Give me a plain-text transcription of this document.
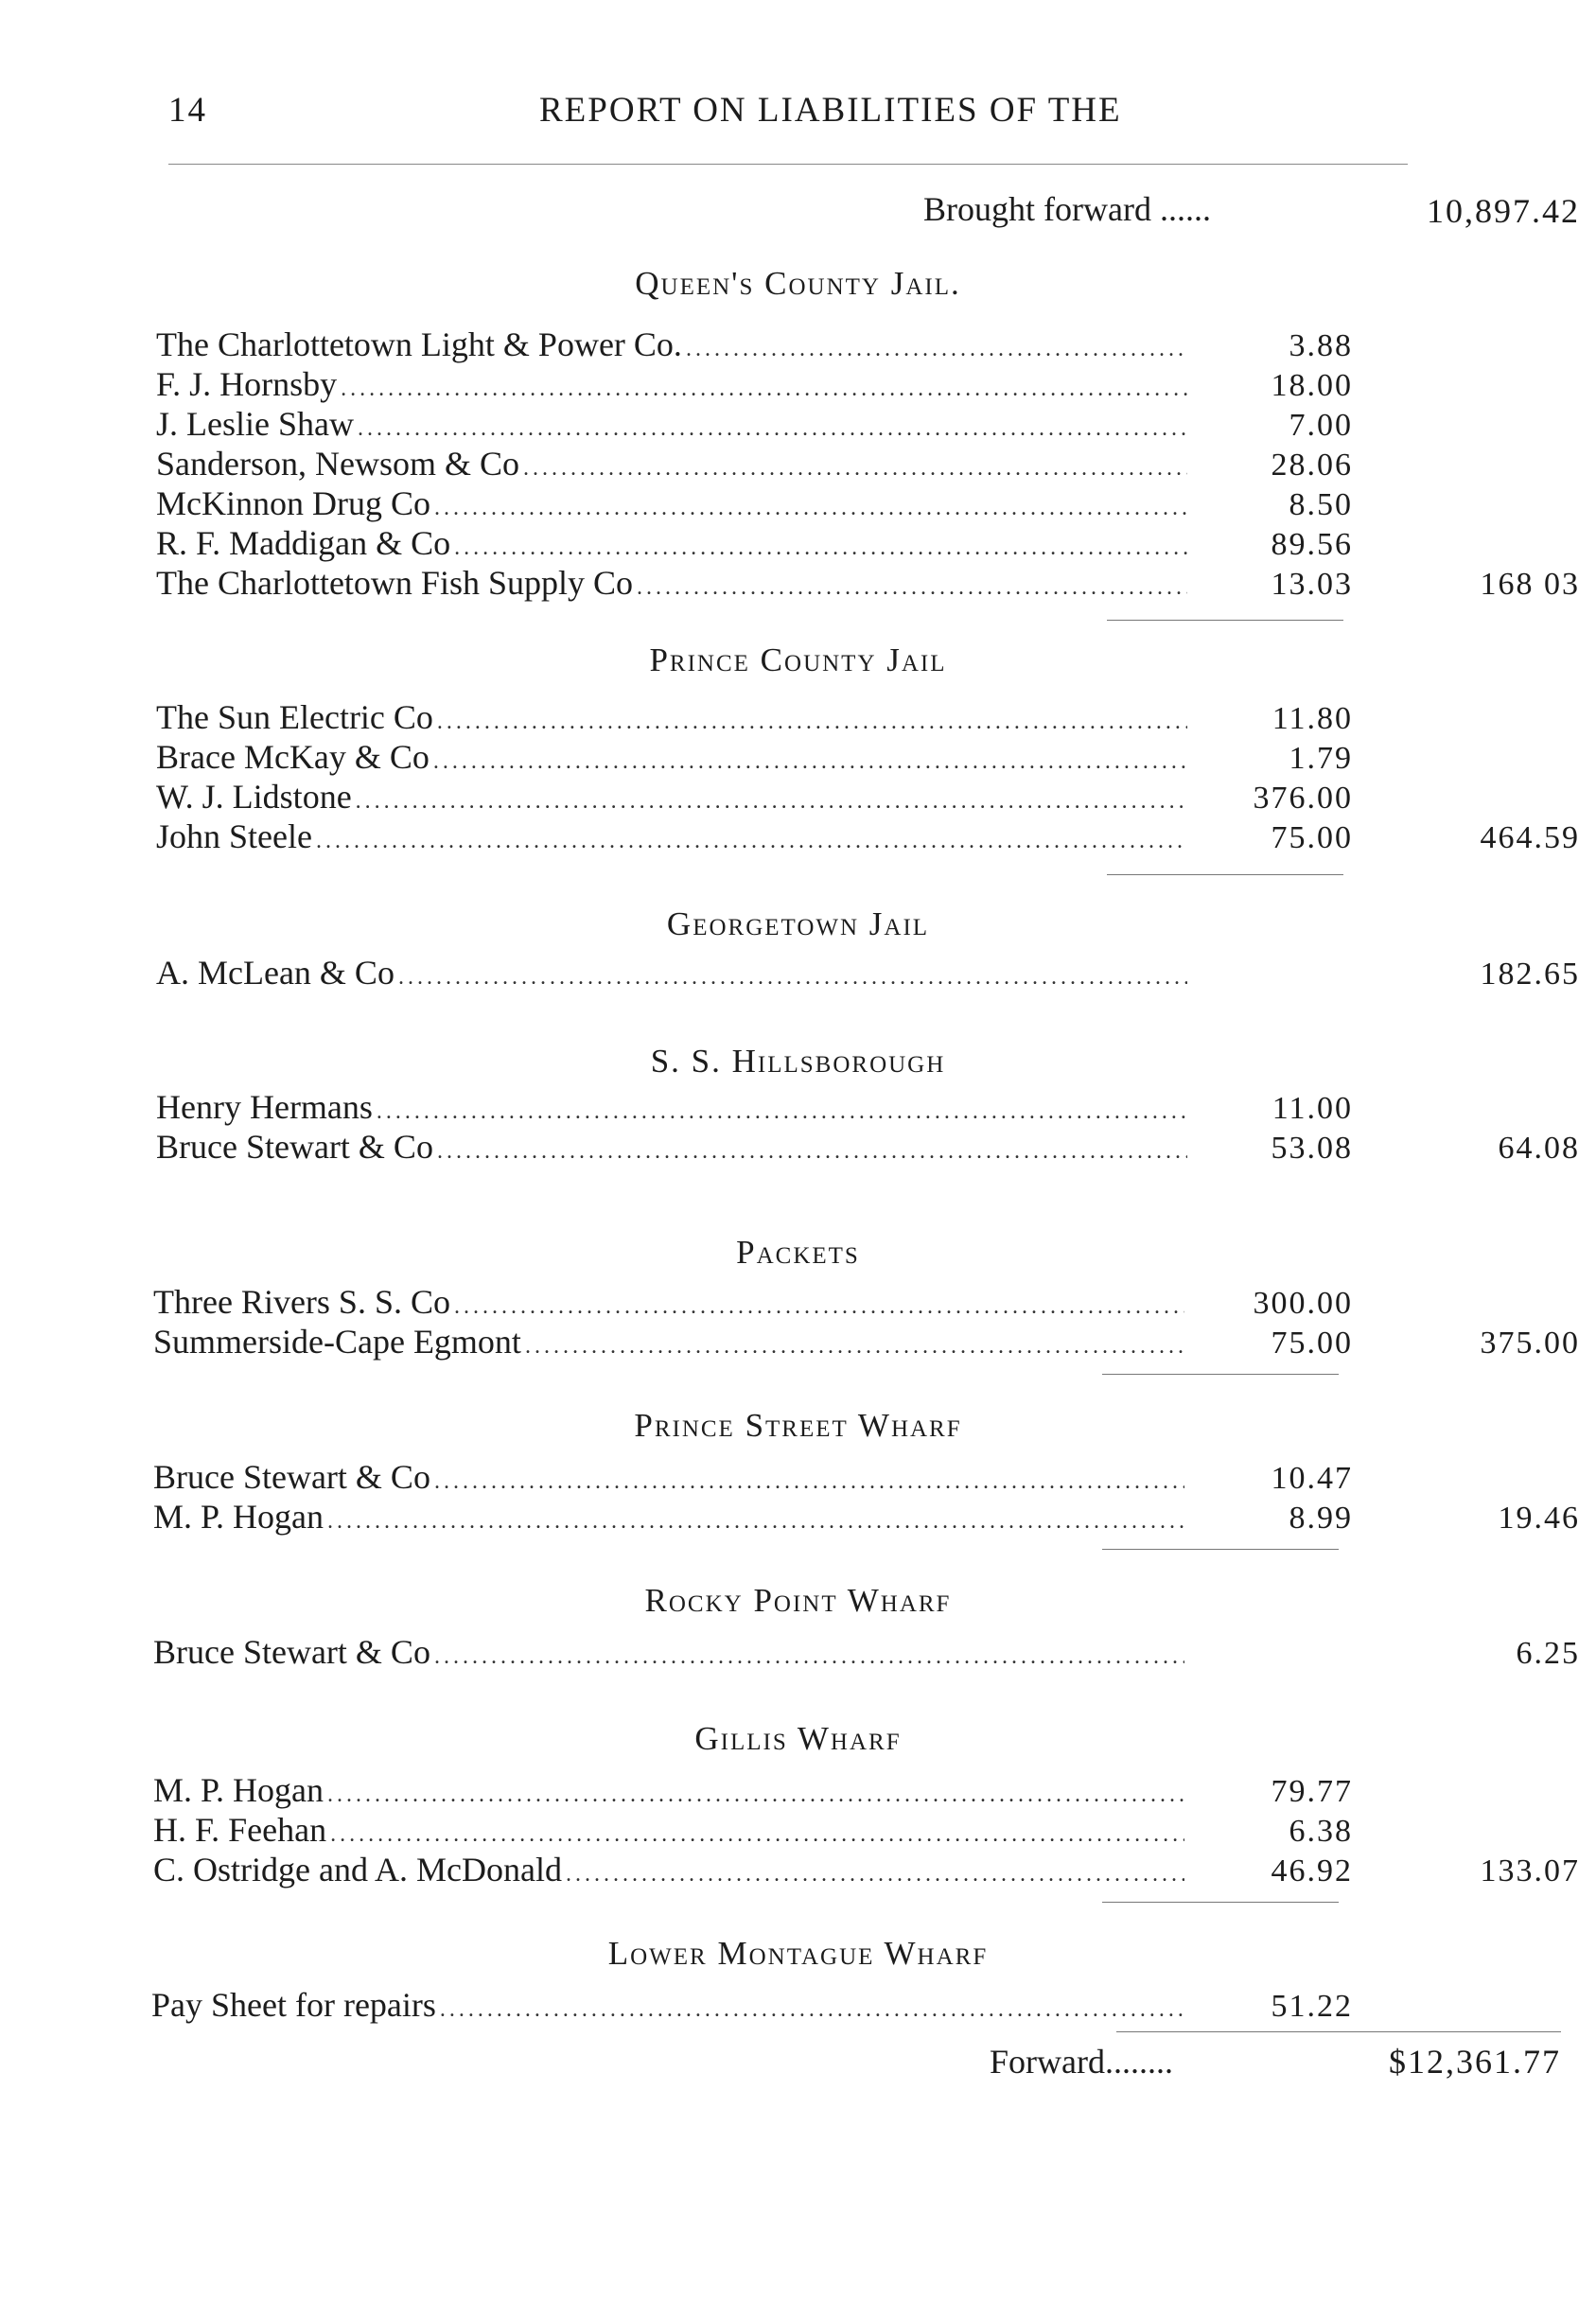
14	REPORT ON LIABILITIES OF THE
Brought forward ......	10,897.42
Queen's County Jail.
The Charlottetown Light & Power Co. .....	3.88
F. J. Hornsby .....	18.00
J. Leslie Shaw .....	7.00
Sanderson, Newsom & Co .....	28.06
McKinnon Drug Co .....	8.50
R. F. Maddigan & Co .....	89.56
The Charlottetown Fish Supply Co .....	13.03	168 03
Prince County Jail
The Sun Electric Co .....	11.80
Brace McKay & Co .....	1.79
W. J. Lidstone .....	376.00
John Steele .....	75.00	464.59
Georgetown Jail
A. McLean & Co .....	182.65
S. S. Hillsborough
Henry Hermans .....	11.00
Bruce Stewart & Co .....	53.08	64.08
Packets
Three Rivers S. S. Co .....	300.00
Summerside-Cape Egmont .....	75.00	375.00
Prince Street Wharf
Bruce Stewart & Co .....	10.47
M. P. Hogan .....	8.99	19.46
Rocky Point Wharf
Bruce Stewart & Co .....	6.25
Gillis Wharf
M. P. Hogan .....	79.77
H. F. Feehan .....	6.38
C. Ostridge and A. McDonald .....	46.92	133.07
Lower Montague Wharf
Pay Sheet for repairs .....	51.22
Forward........	$12,361.77
